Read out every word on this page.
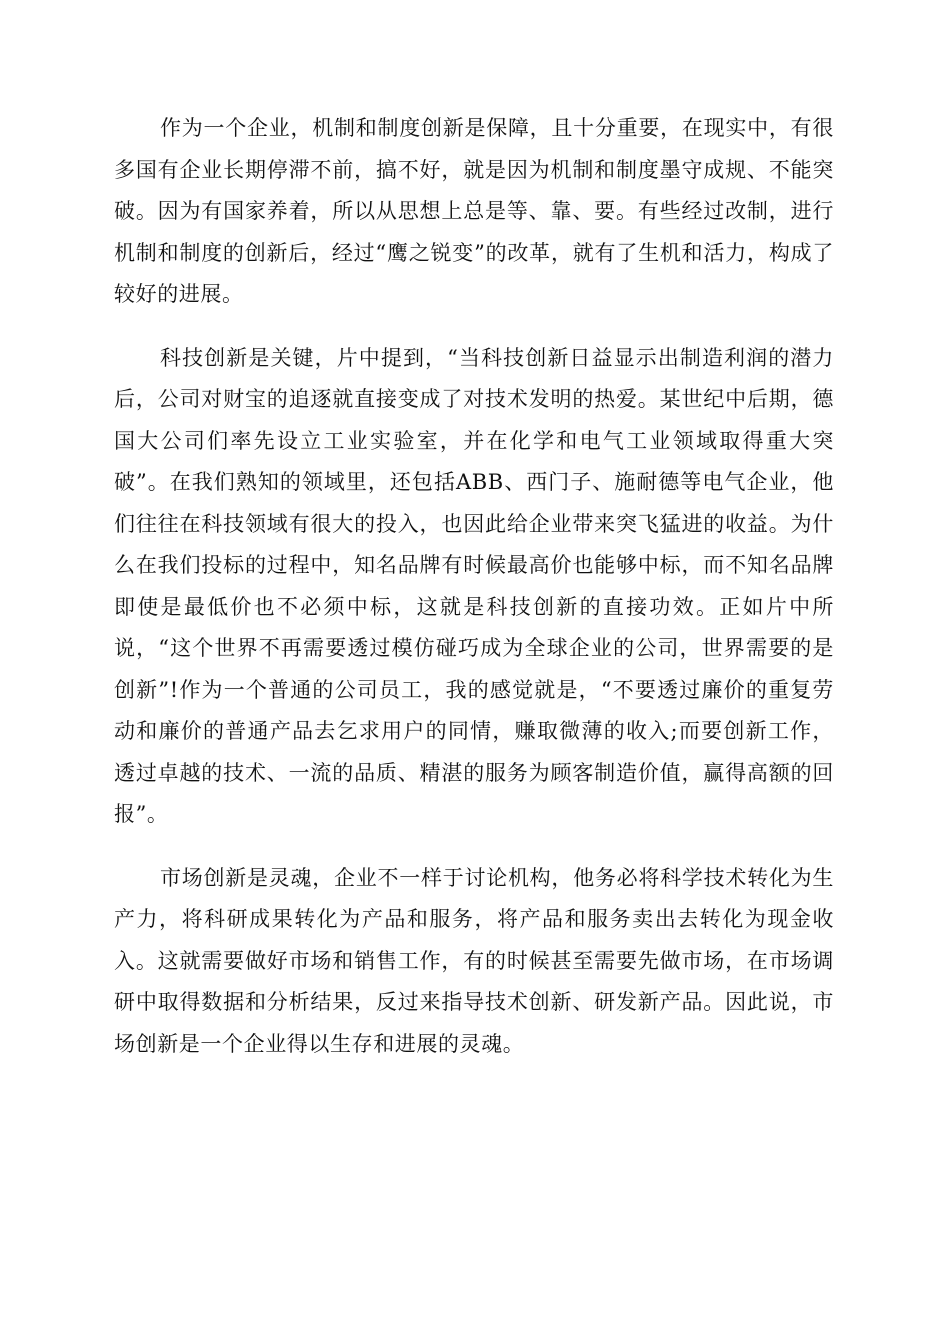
作为一个企业，机制和制度创新是保障，且十分重要，在现实中，有很多国有企业长期停滞不前，搞不好，就是因为机制和制度墨守成规、不能突破。因为有国家养着，所以从思想上总是等、靠、要。有些经过改制，进行机制和制度的创新后，经过“鹰之锐变”的改革，就有了生机和活力，构成了较好的进展。

科技创新是关键，片中提到，“当科技创新日益显示出制造利润的潜力后，公司对财宝的追逐就直接变成了对技术发明的热爱。某世纪中后期，德国大公司们率先设立工业实验室，并在化学和电气工业领域取得重大突破”。在我们熟知的领域里，还包括ABB、西门子、施耐德等电气企业，他们往往在科技领域有很大的投入，也因此给企业带来突飞猛进的收益。为什么在我们投标的过程中，知名品牌有时候最高价也能够中标，而不知名品牌即使是最低价也不必须中标，这就是科技创新的直接功效。正如片中所说，“这个世界不再需要透过模仿碰巧成为全球企业的公司，世界需要的是创新”!作为一个普通的公司员工，我的感觉就是，“不要透过廉价的重复劳动和廉价的普通产品去乞求用户的同情，赚取微薄的收入;而要创新工作，透过卓越的技术、一流的品质、精湛的服务为顾客制造价值，赢得高额的回报”。

市场创新是灵魂，企业不一样于讨论机构，他务必将科学技术转化为生产力，将科研成果转化为产品和服务，将产品和服务卖出去转化为现金收入。这就需要做好市场和销售工作，有的时候甚至需要先做市场，在市场调研中取得数据和分析结果，反过来指导技术创新、研发新产品。因此说，市场创新是一个企业得以生存和进展的灵魂。
